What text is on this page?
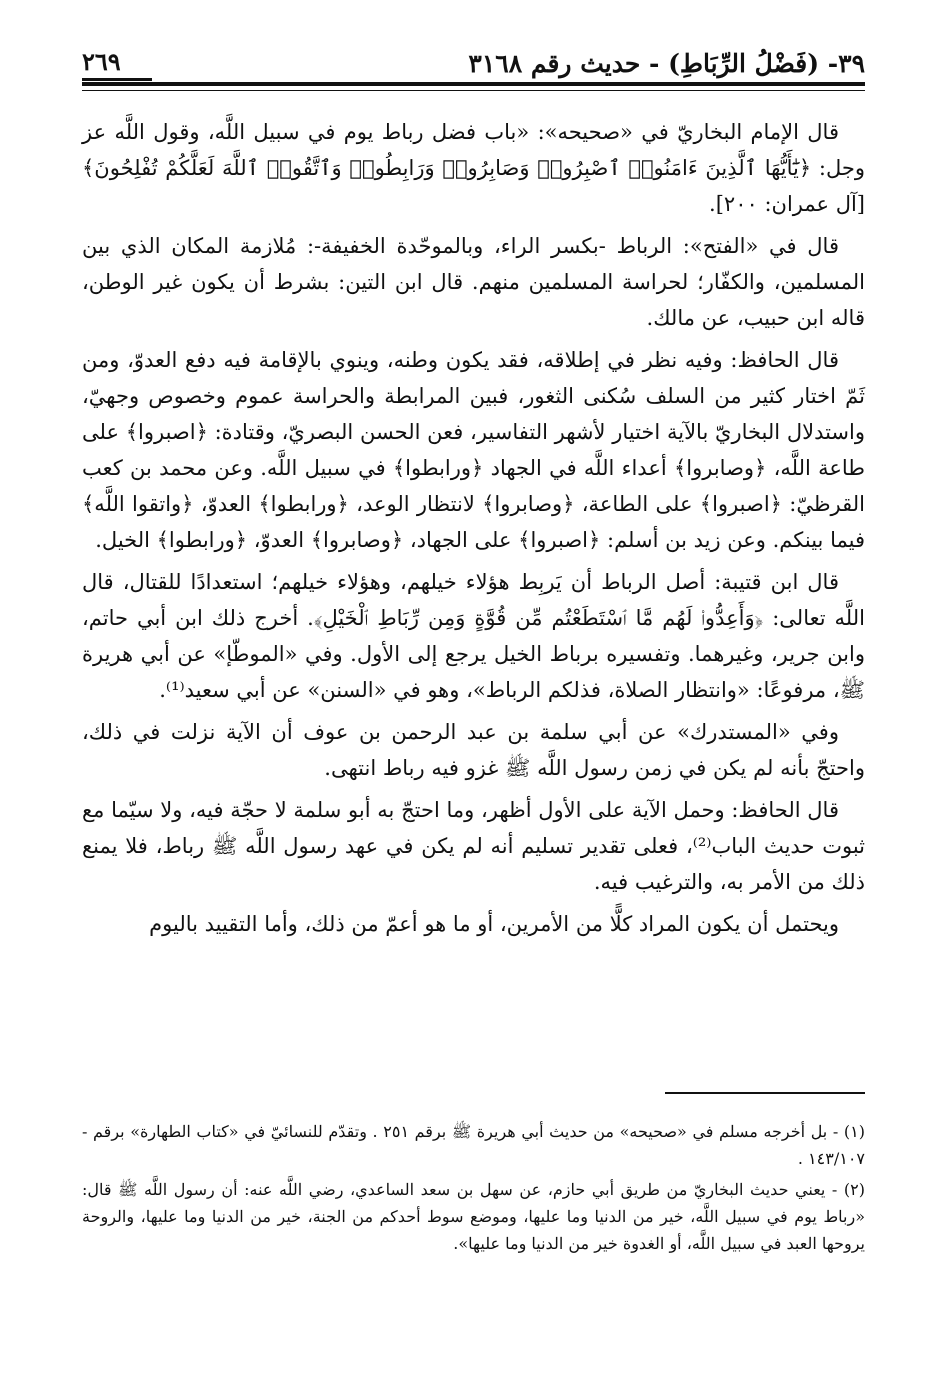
٣٩- (فَضْلُ الرِّبَاطِ) - حديث رقم ٣١٦٨
٢٦٩

قال الإمام البخاريّ في «صحيحه»: «باب فضل رباط يوم في سبيل اللَّه، وقول اللَّه عز وجل: ﴿يَٰٓأَيُّهَا ٱلَّذِينَ ءَامَنُوا۟ ٱصْبِرُوا۟ وَصَابِرُوا۟ وَرَابِطُوا۟ وَٱتَّقُوا۟ ٱللَّهَ لَعَلَّكُمْ تُفْلِحُونَ﴾ [آل عمران: ٢٠٠].

قال في «الفتح»: الرباط -بكسر الراء، وبالموحّدة الخفيفة-: مُلازمة المكان الذي بين المسلمين، والكفّار؛ لحراسة المسلمين منهم. قال ابن التين: بشرط أن يكون غير الوطن، قاله ابن حبيب، عن مالك.

قال الحافظ: وفيه نظر في إطلاقه، فقد يكون وطنه، وينوي بالإقامة فيه دفع العدوّ، ومن ثَمّ اختار كثير من السلف سُكنى الثغور، فبين المرابطة والحراسة عموم وخصوص وجهيّ، واستدلال البخاريّ بالآية اختيار لأشهر التفاسير، فعن الحسن البصريّ، وقتادة: ﴿اصبروا﴾ على طاعة اللَّه، ﴿وصابروا﴾ أعداء اللَّه في الجهاد ﴿ورابطوا﴾ في سبيل اللَّه. وعن محمد بن كعب القرظيّ: ﴿اصبروا﴾ على الطاعة، ﴿وصابروا﴾ لانتظار الوعد، ﴿ورابطوا﴾ العدوّ، ﴿واتقوا اللَّه﴾ فيما بينكم. وعن زيد بن أسلم: ﴿اصبروا﴾ على الجهاد، ﴿وصابروا﴾ العدوّ، ﴿ورابطوا﴾ الخيل.

قال ابن قتيبة: أصل الرباط أن يَربِط هؤلاء خيلهم، وهؤلاء خيلهم؛ استعدادًا للقتال، قال اللَّه تعالى: ﴿وَأَعِدُّوا۟ لَهُم مَّا ٱسْتَطَعْتُم مِّن قُوَّةٍ وَمِن رِّبَاطِ ٱلْخَيْلِ﴾. أخرج ذلك ابن أبي حاتم، وابن جرير، وغيرهما. وتفسيره برباط الخيل يرجع إلى الأول. وفي «الموطّإ» عن أبي هريرة ﷺ، مرفوعًا: «وانتظار الصلاة، فذلكم الرباط»، وهو في «السنن» عن أبي سعيد⁽¹⁾.

وفي «المستدرك» عن أبي سلمة بن عبد الرحمن بن عوف أن الآية نزلت في ذلك، واحتجّ بأنه لم يكن في زمن رسول اللَّه ﷺ غزو فيه رباط انتهى.

قال الحافظ: وحمل الآية على الأول أظهر، وما احتجّ به أبو سلمة لا حجّة فيه، ولا سيّما مع ثبوت حديث الباب⁽²⁾، فعلى تقدير تسليم أنه لم يكن في عهد رسول اللَّه ﷺ رباط، فلا يمنع ذلك من الأمر به، والترغيب فيه.

ويحتمل أن يكون المراد كلًّا من الأمرين، أو ما هو أعمّ من ذلك، وأما التقييد باليوم

(١) - بل أخرجه مسلم في «صحيحه» من حديث أبي هريرة ﷺ برقم ٢٥١ . وتقدّم للنسائيّ في «كتاب الطهارة» برقم - ١٤٣/١٠٧ .

(٢) - يعني حديث البخاريّ من طريق أبي حازم، عن سهل بن سعد الساعدي، رضي اللَّه عنه: أن رسول اللَّه ﷺ قال: «رباط يوم في سبيل اللَّه، خير من الدنيا وما عليها، وموضع سوط أحدكم من الجنة، خير من الدنيا وما عليها، والروحة يروحها العبد في سبيل اللَّه، أو الغدوة خير من الدنيا وما عليها».
